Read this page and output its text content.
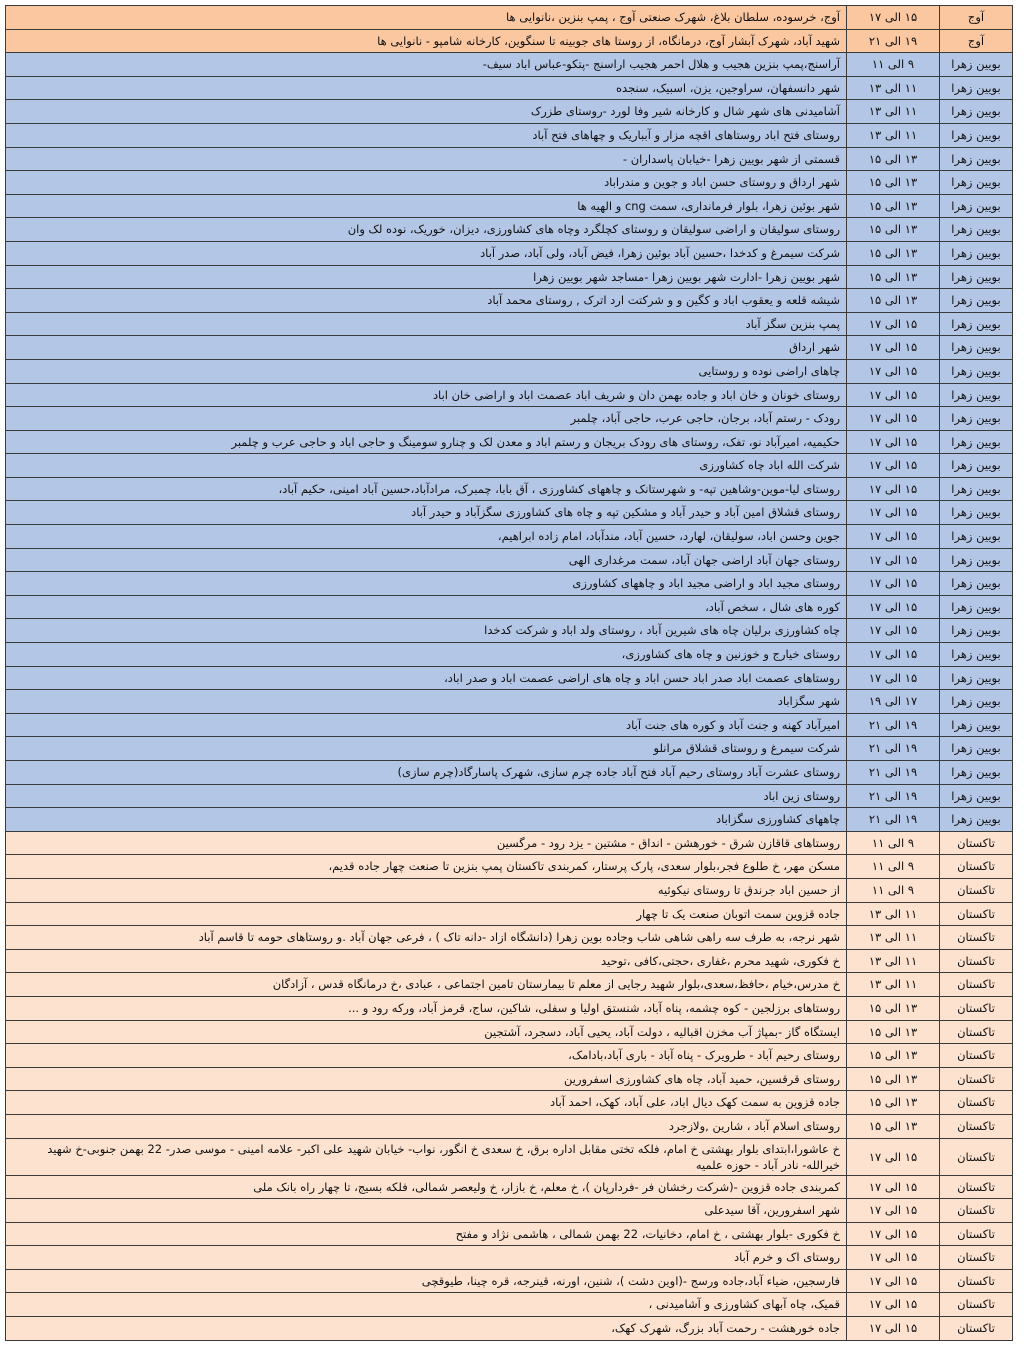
آوج	۱۵ الی ۱۷	آوج، خرسوده، سلطان بلاغ، شهرک صنعتی آوج ، پمپ بنزین ،نانوایی ها
آوج	۱۹ الی ۲۱	شهید آباد، شهرک آبشار آوج، درمانگاه، از روستا های جوبینه تا سنگوین، کارخانه شامپو - نانوایی ها
بویین زهرا	۹ الی ۱۱	آراسنج،پمپ بنزین هجیب و هلال احمر هجیب اراسنج -پتکو-عباس اباد سیف-
بویین زهرا	۱۱ الی ۱۳	شهر دانسفهان، سراوجین، یزن، اسبیک، سنجده
بویین زهرا	۱۱ الی ۱۳	آشامیدنی های شهر شال و کارخانه شیر وفا لورد -روستای طزرک
بویین زهرا	۱۱ الی ۱۳	روستای فتح اباد روستاهای اقچه مزار و آبباریک و چهاهای فتح آباد
بویین زهرا	۱۳ الی ۱۵	قسمتی از شهر بویین زهرا -خیابان پاسداران -
بویین زهرا	۱۳ الی ۱۵	شهر ارداق و روستای حسن اباد و جوین و مندراباد
بویین زهرا	۱۳ الی ۱۵	شهر بوئین زهرا، بلوار فرمانداری، سمت cng و الهیه ها
بویین زهرا	۱۳ الی ۱۵	روستای سولیقان و اراضی سولیقان و روستای کچلگرد وچاه های کشاورزی، دیزان، خوریک، نوده لک وان
بویین زهرا	۱۳ الی ۱۵	شرکت سیمرغ و کدخدا ،حسین آباد بوئین زهرا، فیض آباد، ولی آباد، صدر آباد
بویین زهرا	۱۳ الی ۱۵	شهر بویین زهرا -ادارت شهر بویین زهرا -مساجد شهر بویین زهرا
بویین زهرا	۱۳ الی ۱۵	شیشه قلعه و یعقوب اباد و کگین و و شرکتت ارد اترک , روستای محمد آباد
بویین زهرا	۱۵ الی ۱۷	پمپ بنزین سگز آباد
بویین زهرا	۱۵ الی ۱۷	شهر ارداق
بویین زهرا	۱۵ الی ۱۷	چاهای اراضی نوده و روستایی
بویین زهرا	۱۵ الی ۱۷	روستای خونان و خان اباد و جاده بهمن دان و شریف اباد عصمت اباد و اراضی خان اباد
بویین زهرا	۱۵ الی ۱۷	رودک - رستم آباد، برجان، حاجی عرب، حاجی آباد، چلمبر
بویین زهرا	۱۵ الی ۱۷	حکیمیه، امیرآباد نو، تفک، روستای های رودک بریجان و رستم اباد و معدن لک و چنارو سومینگ و حاجی اباد و حاجی عرب و چلمبر
بویین زهرا	۱۵ الی ۱۷	شرکت الله اباد چاه کشاورزی
بویین زهرا	۱۵ الی ۱۷	روستای لیا-موین-وشاهین تپه- و شهرستانک و چاههای کشاورزی ، آق بابا، چمبرک، مرادآباد،حسین آباد امینی، حکیم آباد،
بویین زهرا	۱۵ الی ۱۷	روستای قشلاق امین آباد و حیدر آباد و مشکین تپه و چاه های کشاورزی سگزآباد و حیدر آباد
بویین زهرا	۱۵ الی ۱۷	جوین وحسن اباد، سولیقان، لهارد، حسین آباد، مندآباد، امام زاده ابراهیم،
بویین زهرا	۱۵ الی ۱۷	روستای جهان آباد اراضی جهان آباد، سمت مرغداری الهی
بویین زهرا	۱۵ الی ۱۷	روستای مجید اباد و اراضی مجید اباد و چاههای کشاورزی
بویین زهرا	۱۵ الی ۱۷	کوره های شال ، سخص آباد،
بویین زهرا	۱۵ الی ۱۷	چاه کشاورزی برلیان چاه های شیرین آباد ، روستای ولد اباد و شرکت کدخدا
بویین زهرا	۱۵ الی ۱۷	روستای خیارج و خوزنین و چاه های کشاورزی،
بویین زهرا	۱۵ الی ۱۷	روستاهای عصمت اباد صدر اباد حسن اباد و چاه های اراضی عصمت اباد و صدر اباد،
بویین زهرا	۱۷ الی ۱۹	شهر سگزاباد
بویین زهرا	۱۹ الی ۲۱	امیرآباد کهنه و جنت آباد و کوره های جنت آباد
بویین زهرا	۱۹ الی ۲۱	شرکت سیمرغ و روستای قشلاق مرانلو
بویین زهرا	۱۹ الی ۲۱	روستای عشرت آباد روستای رحیم آباد فتح آباد جاده چرم سازی، شهرک پاسارگاد(چرم سازی)
بویین زهرا	۱۹ الی ۲۱	روستای زین اباد
بویین زهرا	۱۹ الی ۲۱	چاههای کشاورزی سگزاباد
تاکستان	۹ الی ۱۱	روستاهای قاقازن شرق - خورهشن - انداق - مشتین - یزد رود - مرگسین
تاکستان	۹ الی ۱۱	مسکن مهر، خ طلوع فجر،بلوار سعدی، پارک پرستار، کمربندی تاکستان پمپ بنزین تا صنعت چهار جاده قدیم،
تاکستان	۹ الی ۱۱	از حسین اباد جرندق تا روستای نیکوئیه
تاکستان	۱۱ الی ۱۳	جاده قزوین سمت اتوبان صنعت یک تا چهار
تاکستان	۱۱ الی ۱۳	شهر نرجه، به طرف سه راهی شاهی شاب وجاده بوین زهرا (دانشگاه ازاد -دانه تاک ) ، فرعی جهان آباد .و روستاهای حومه تا قاسم آباد
تاکستان	۱۱ الی ۱۳	خ فکوری، شهید محرم ،غفاری ،حجتی،کافی ،توحید
تاکستان	۱۱ الی ۱۳	خ مدرس،خیام ،حافظ،سعدی،بلوار شهید رجایی از معلم تا بیمارستان تامین اجتماعی ، عبادی ،خ درمانگاه قدس ، آزادگان
تاکستان	۱۳ الی ۱۵	روستاهای برزلجین - کوه چشمه، پناه آباد، شنستق اولیا و سفلی، شاکین، ساج، قرمز آباد، ورکه رود و ...
تاکستان	۱۳ الی ۱۵	ایستگاه گاز -بمپاژ آب مخزن اقبالیه ، دولت آباد، یحیی آباد، دسجرد، آشتجین
تاکستان	۱۳ الی ۱۵	روستای رحیم آباد - طرویرک - پناه آباد - باری آباد،بادامک،
تاکستان	۱۳ الی ۱۵	روستای قرقسین، حمید آباد، چاه های کشاورزی اسفرورین
تاکستان	۱۳ الی ۱۵	جاده قزوین به سمت کهک دیال اباد، علی آباد، کهک، احمد آباد
تاکستان	۱۳ الی ۱۵	روستای اسلام آباد ، شارین ,ولازجرد
تاکستان	۱۵ الی ۱۷	خ عاشورا،ابتدای بلوار بهشتی خ امام، فلکه تختی مقابل اداره برق، خ سعدی خ انگور، نواب- خیابان شهید علی اکبر- علامه امینی - موسی صدر- 22 بهمن جنوبی-خ شهید خیرالله- نادر آباد - حوزه علمیه
تاکستان	۱۵ الی ۱۷	کمربندی جاده قزوین -(شرکت رخشان فر -فردارپان )، خ معلم، خ بازار، خ ولیعصر شمالی، فلکه بسیج، تا چهار راه بانک ملی
تاکستان	۱۵ الی ۱۷	شهر اسفرورین، آقا سیدعلی
تاکستان	۱۵ الی ۱۷	خ فکوری -بلوار بهشتی ، خ امام، دخانیات، 22 بهمن شمالی ، هاشمی نژاد و مفتح
تاکستان	۱۵ الی ۱۷	روستای اک و خرم آباد
تاکستان	۱۵ الی ۱۷	فارسجین، ضیاء آباد،جاده ورسج -(اوین دشت )، شنین، اورنه، قینرجه، قره چینا، طیوقچی
تاکستان	۱۵ الی ۱۷	قمیک، چاه آبهای کشاورزی و آشامیدنی ،
تاکستان	۱۵ الی ۱۷	جاده خورهشت - رحمت آباد بزرگ، شهرک کهک،
